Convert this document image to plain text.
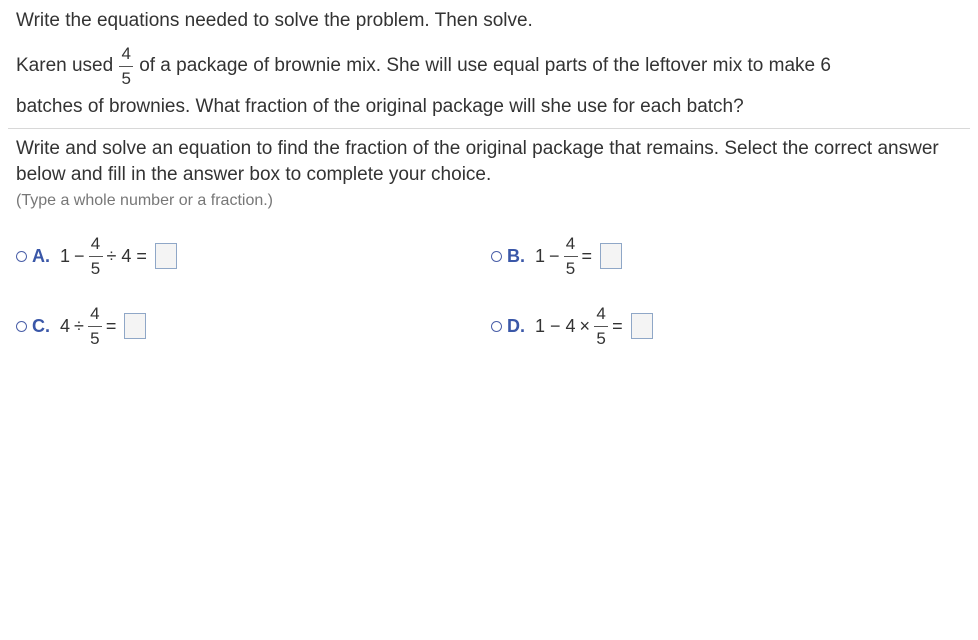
Write the equations needed to solve the problem. Then solve.
Karen used $\frac{4}{5}$ of a package of brownie mix. She will use equal parts of the leftover mix to make 6
batches of brownies. What fraction of the original package will she use for each batch?
Write and solve an equation to find the fraction of the original package that remains. Select the correct answer below and fill in the answer box to complete your choice.
(Type a whole number or a fraction.)
A. $1 - \frac{4}{5} \div 4$ =	B. $1 - \frac{4}{5}$ =
C. $4 \div \frac{4}{5}$ =	D. $1 - 4 \times \frac{4}{5}$ =
